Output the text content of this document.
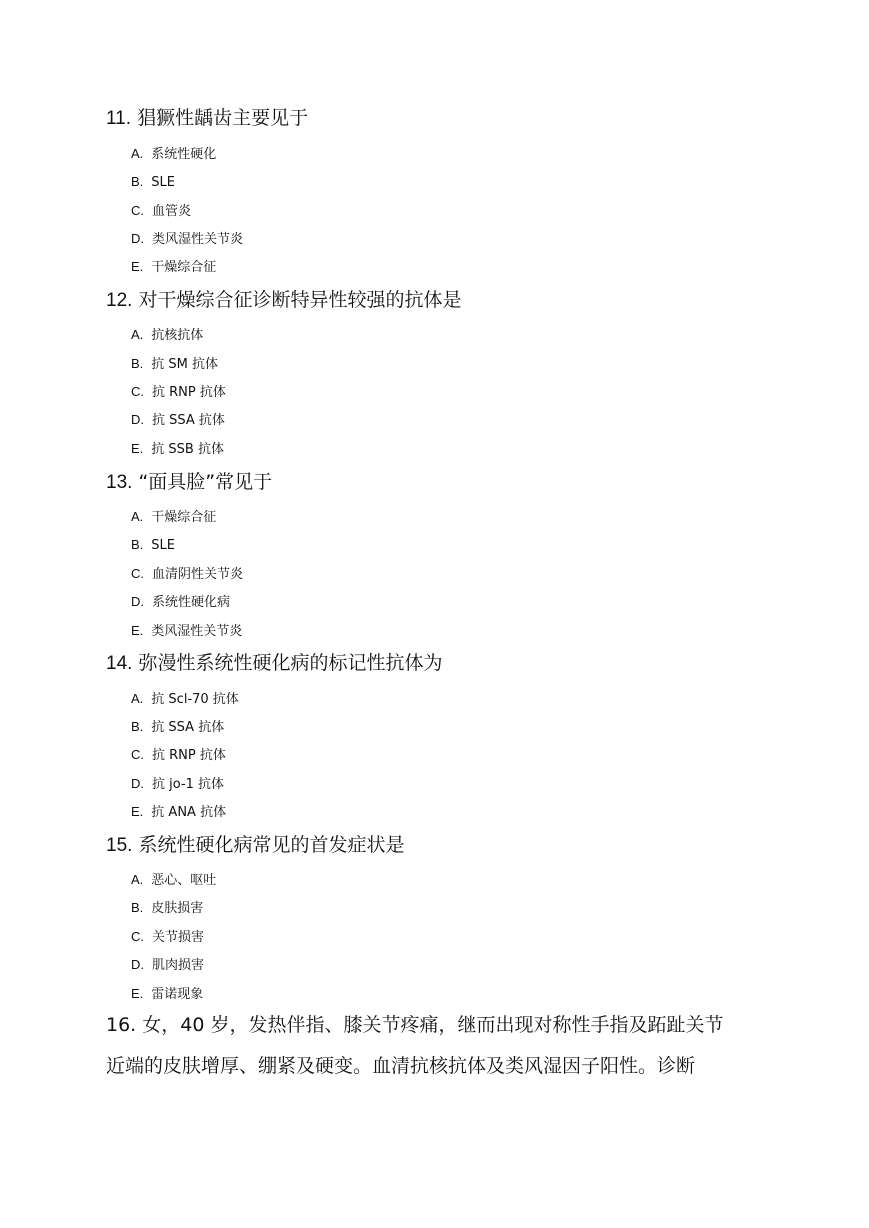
11. 猖獗性龋齿主要见于
A. 系统性硬化
B. SLE
C. 血管炎
D. 类风湿性关节炎
E. 干燥综合征
12. 对干燥综合征诊断特异性较强的抗体是
A. 抗核抗体
B. 抗 SM 抗体
C. 抗 RNP 抗体
D. 抗 SSA 抗体
E. 抗 SSB 抗体
13. “面具脸”常见于
A. 干燥综合征
B. SLE
C. 血清阴性关节炎
D. 系统性硬化病
E. 类风湿性关节炎
14. 弥漫性系统性硬化病的标记性抗体为
A. 抗 Scl-70 抗体
B. 抗 SSA 抗体
C. 抗 RNP 抗体
D. 抗 jo-1 抗体
E. 抗 ANA 抗体
15. 系统性硬化病常见的首发症状是
A. 恶心、呕吐
B. 皮肤损害
C. 关节损害
D. 肌肉损害
E. 雷诺现象
16. 女，40 岁，发热伴指、膝关节疼痛，继而出现对称性手指及跖趾关节
近端的皮肤增厚、绷紧及硬变。血清抗核抗体及类风湿因子阳性。诊断
